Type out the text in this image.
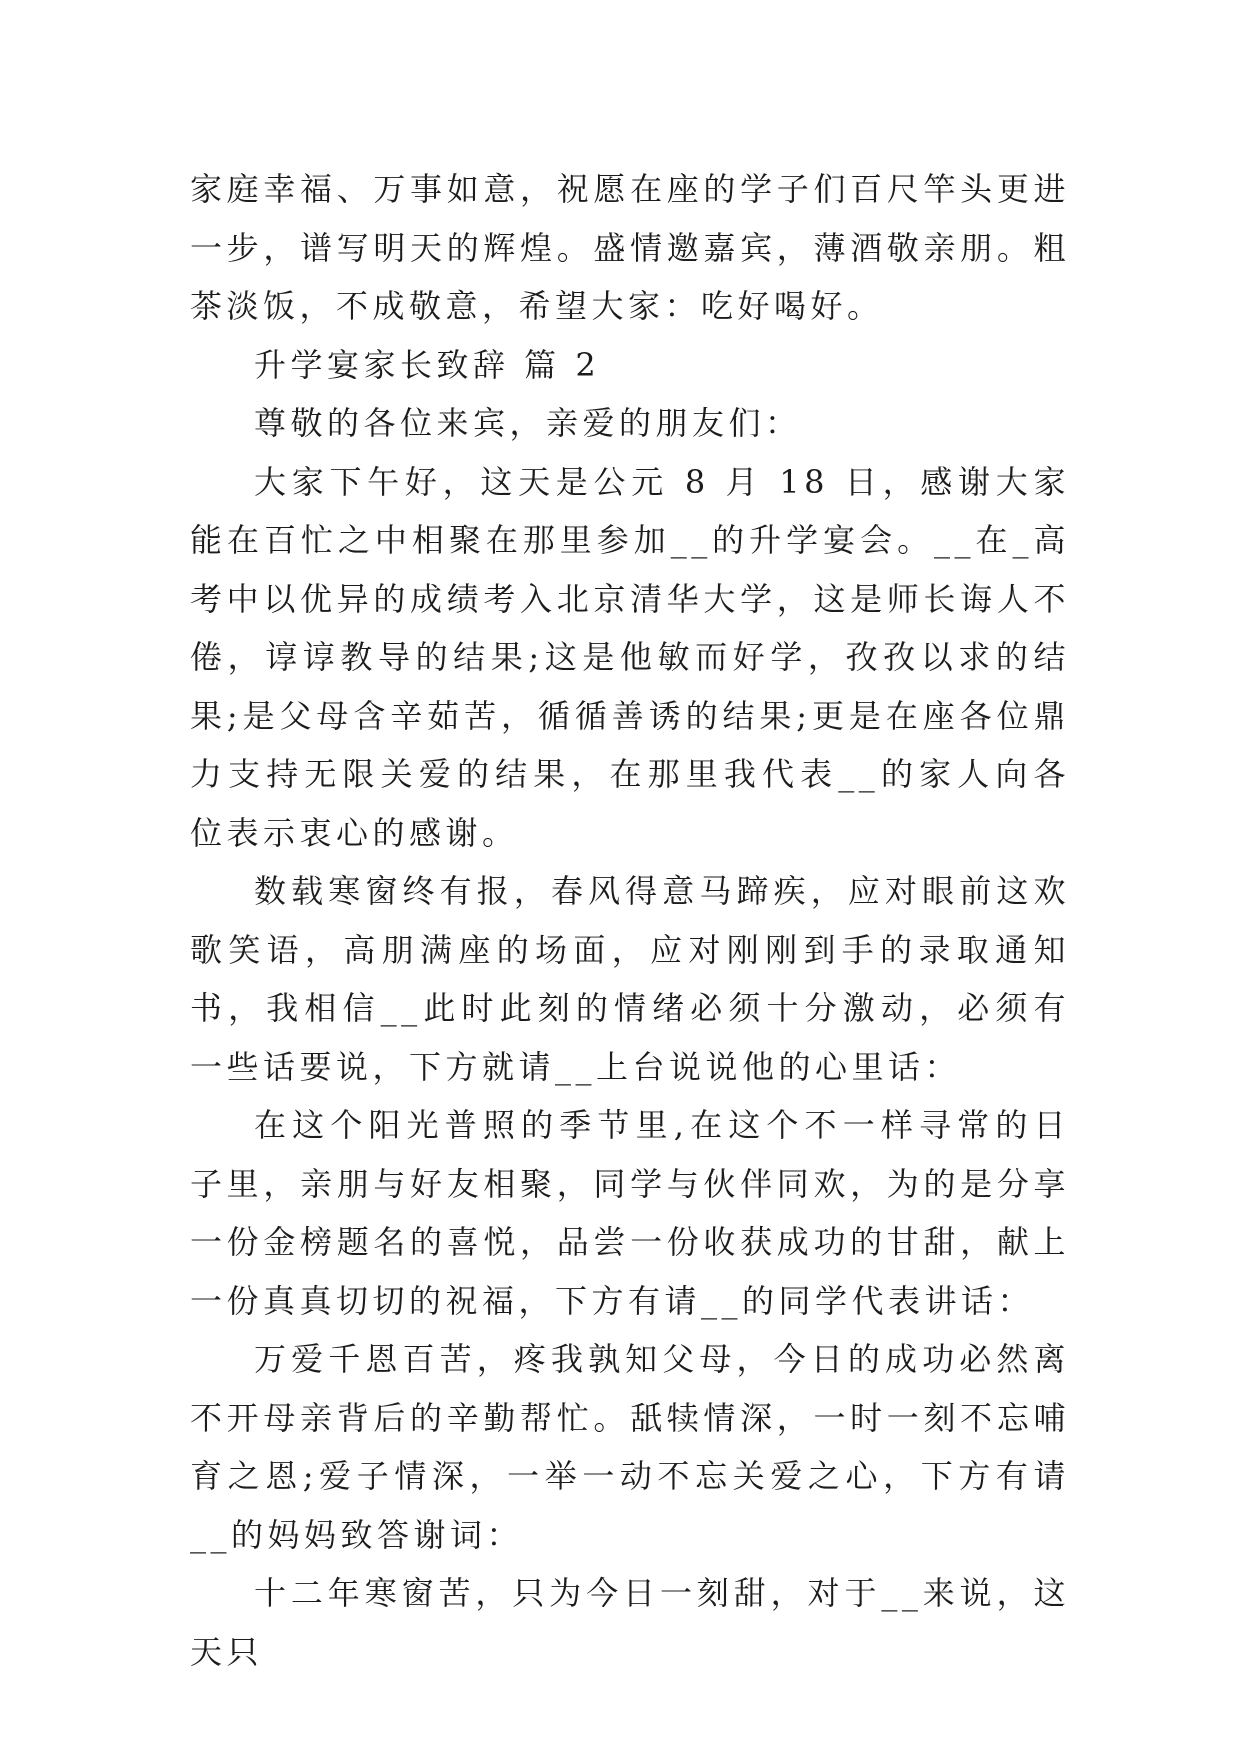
家庭幸福、万事如意，祝愿在座的学子们百尺竿头更进一步，谱写明天的辉煌。盛情邀嘉宾，薄酒敬亲朋。粗茶淡饭，不成敬意，希望大家：吃好喝好。

升学宴家长致辞 篇 2

尊敬的各位来宾，亲爱的朋友们：

大家下午好，这天是公元 8 月 18 日，感谢大家能在百忙之中相聚在那里参加__的升学宴会。__在_高考中以优异的成绩考入北京清华大学，这是师长诲人不倦，谆谆教导的结果;这是他敏而好学，孜孜以求的结果;是父母含辛茹苦，循循善诱的结果;更是在座各位鼎力支持无限关爱的结果，在那里我代表__的家人向各位表示衷心的感谢。

数载寒窗终有报，春风得意马蹄疾，应对眼前这欢歌笑语，高朋满座的场面，应对刚刚到手的录取通知书，我相信__此时此刻的情绪必须十分激动，必须有一些话要说，下方就请__上台说说他的心里话：

在这个阳光普照的季节里,在这个不一样寻常的日子里，亲朋与好友相聚，同学与伙伴同欢，为的是分享一份金榜题名的喜悦，品尝一份收获成功的甘甜，献上一份真真切切的祝福，下方有请__的同学代表讲话：

万爱千恩百苦，疼我孰知父母，今日的成功必然离不开母亲背后的辛勤帮忙。舐犊情深，一时一刻不忘哺育之恩;爱子情深，一举一动不忘关爱之心，下方有请__的妈妈致答谢词：

十二年寒窗苦，只为今日一刻甜，对于__来说，这天只
